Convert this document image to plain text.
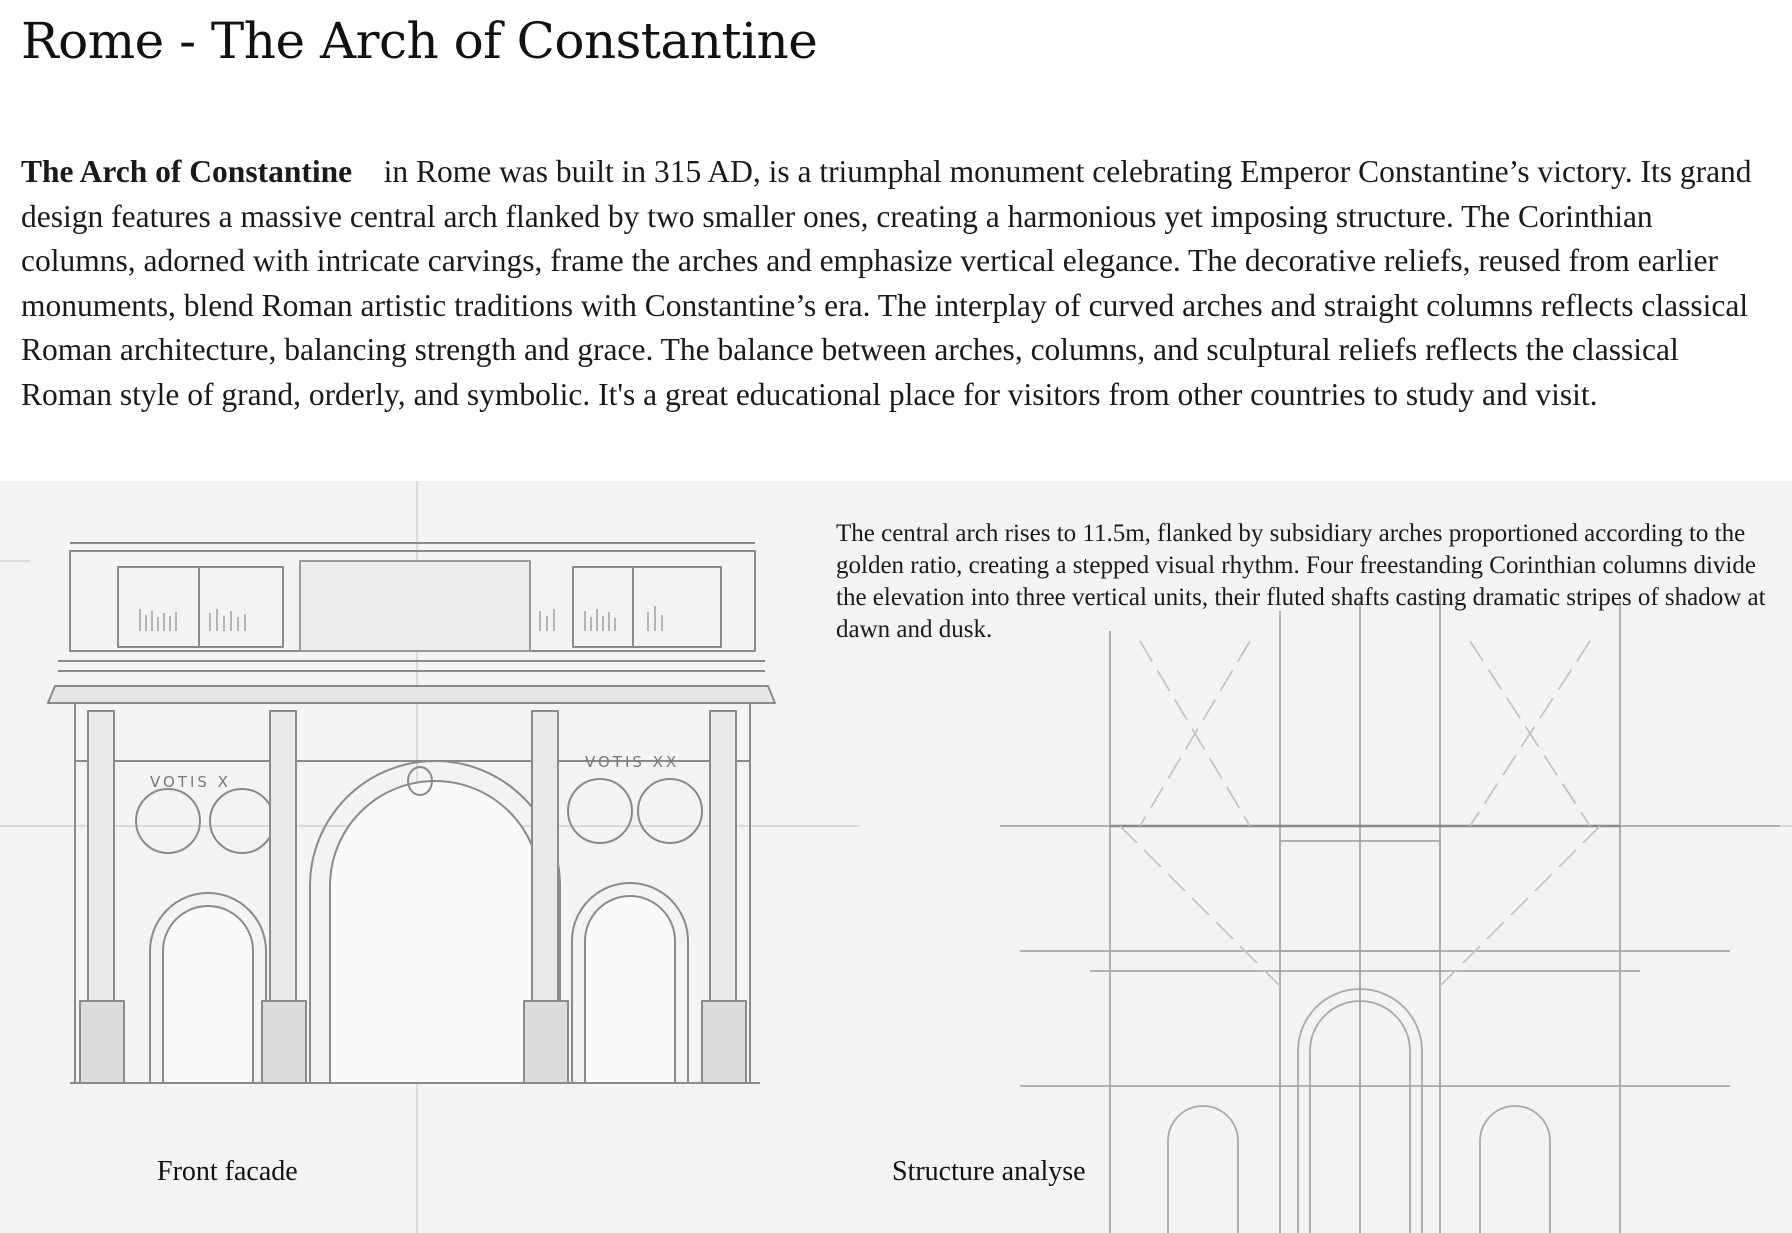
Rome - The Arch of Constantine

The Arch of Constantine in Rome was built in 315 AD, is a triumphal monument celebrating Emperor Constantine’s victory. Its grand design features a massive central arch flanked by two smaller ones, creating a harmonious yet imposing structure. The Corinthian columns, adorned with intricate carvings, frame the arches and emphasize vertical elegance. The decorative reliefs, reused from earlier monuments, blend Roman artistic traditions with Constantine’s era. The interplay of curved arches and straight columns reflects classical Roman architecture, balancing strength and grace. The balance between arches, columns, and sculptural reliefs reflects the classical Roman style of grand, orderly, and symbolic. It's a great educational place for visitors from other countries to study and visit.

VOTIS X
VOTIS XX

The central arch rises to 11.5m, flanked by subsidiary arches proportioned according to the golden ratio, creating a stepped visual rhythm. Four freestanding Corinthian columns divide the elevation into three vertical units, their fluted shafts casting dramatic stripes of shadow at dawn and dusk.

Front facade	Structure analyse
